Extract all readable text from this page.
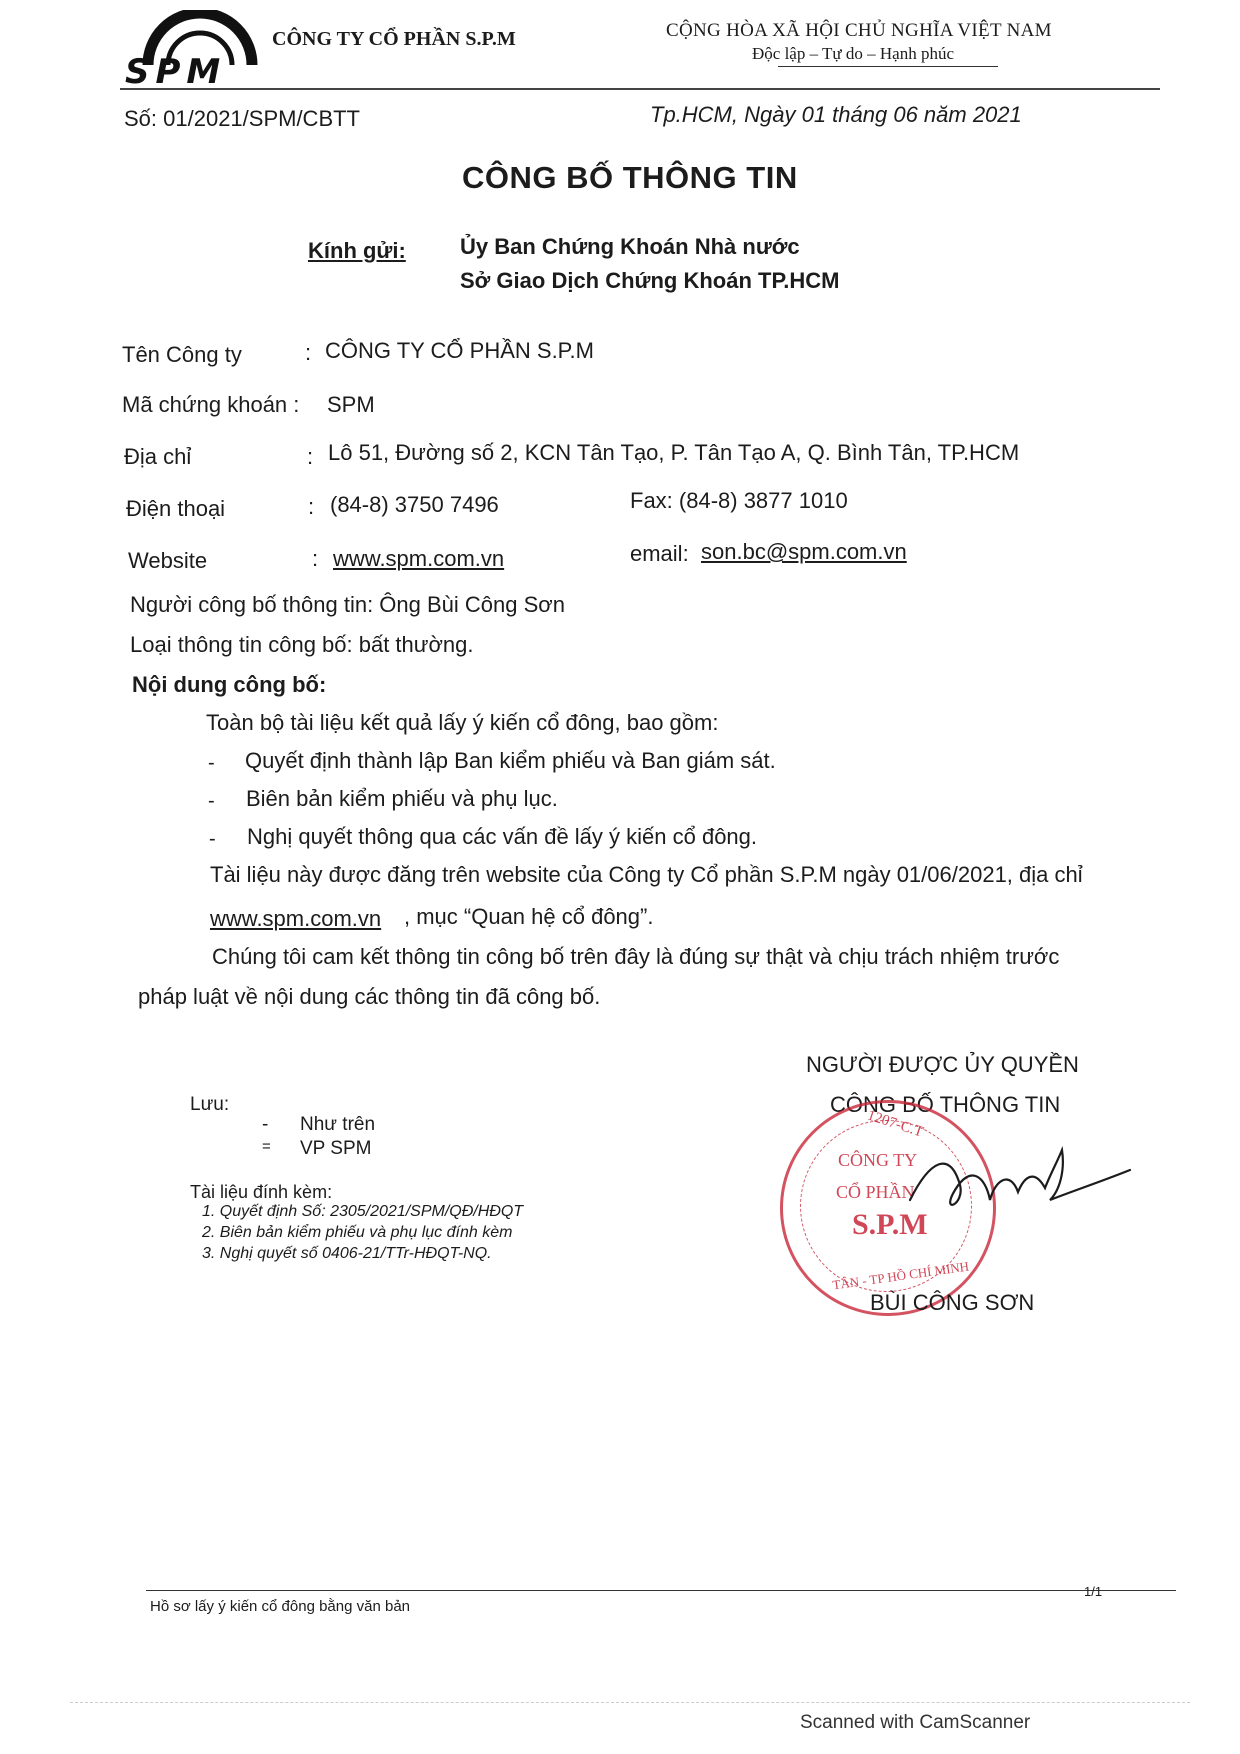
SPM
CÔNG TY CỔ PHẦN S.P.M	CỘNG HÒA XÃ HỘI CHỦ NGHĨA VIỆT NAM
Độc lập – Tự do – Hạnh phúc
Số: 01/2021/SPM/CBTT	Tp.HCM, Ngày 01 tháng 06 năm 2021
CÔNG BỐ THÔNG TIN
Kính gửi: Ủy Ban Chứng Khoán Nhà nước
Sở Giao Dịch Chứng Khoán TP.HCM
Tên Công ty	: CÔNG TY CỔ PHẦN S.P.M
Mã chứng khoán : SPM
Địa chỉ	: Lô 51, Đường số 2, KCN Tân Tạo, P. Tân Tạo A, Q. Bình Tân, TP.HCM
Điện thoại	: (84-8) 3750 7496	Fax: (84-8) 3877 1010
Website	: www.spm.com.vn	email: son.bc@spm.com.vn
Người công bố thông tin: Ông Bùi Công Sơn
Loại thông tin công bố: bất thường.
Nội dung công bố:
Toàn bộ tài liệu kết quả lấy ý kiến cổ đông, bao gồm:
- Quyết định thành lập Ban kiểm phiếu và Ban giám sát.
- Biên bản kiểm phiếu và phụ lục.
- Nghị quyết thông qua các vấn đề lấy ý kiến cổ đông.
Tài liệu này được đăng trên website của Công ty Cổ phần S.P.M ngày 01/06/2021, địa chỉ
www.spm.com.vn , mục “Quan hệ cổ đông”.
Chúng tôi cam kết thông tin công bố trên đây là đúng sự thật và chịu trách nhiệm trước
pháp luật về nội dung các thông tin đã công bố.
Lưu:
- Như trên
= VP SPM
Tài liệu đính kèm:
1. Quyết định Số: 2305/2021/SPM/QĐ/HĐQT
2. Biên bản kiểm phiếu và phụ lục đính kèm
3. Nghị quyết số 0406-21/TTr-HĐQT-NQ.
NGƯỜI ĐƯỢC ỦY QUYỀN
CÔNG BỐ THÔNG TIN
1207-C.T
CÔNG TY
CỔ PHẦN
S.P.M
TÂN - TP HỒ CHÍ MINH
BÙI CÔNG SƠN
Hồ sơ lấy ý kiến cổ đông bằng văn bản
1/1
Scanned with CamScanner
